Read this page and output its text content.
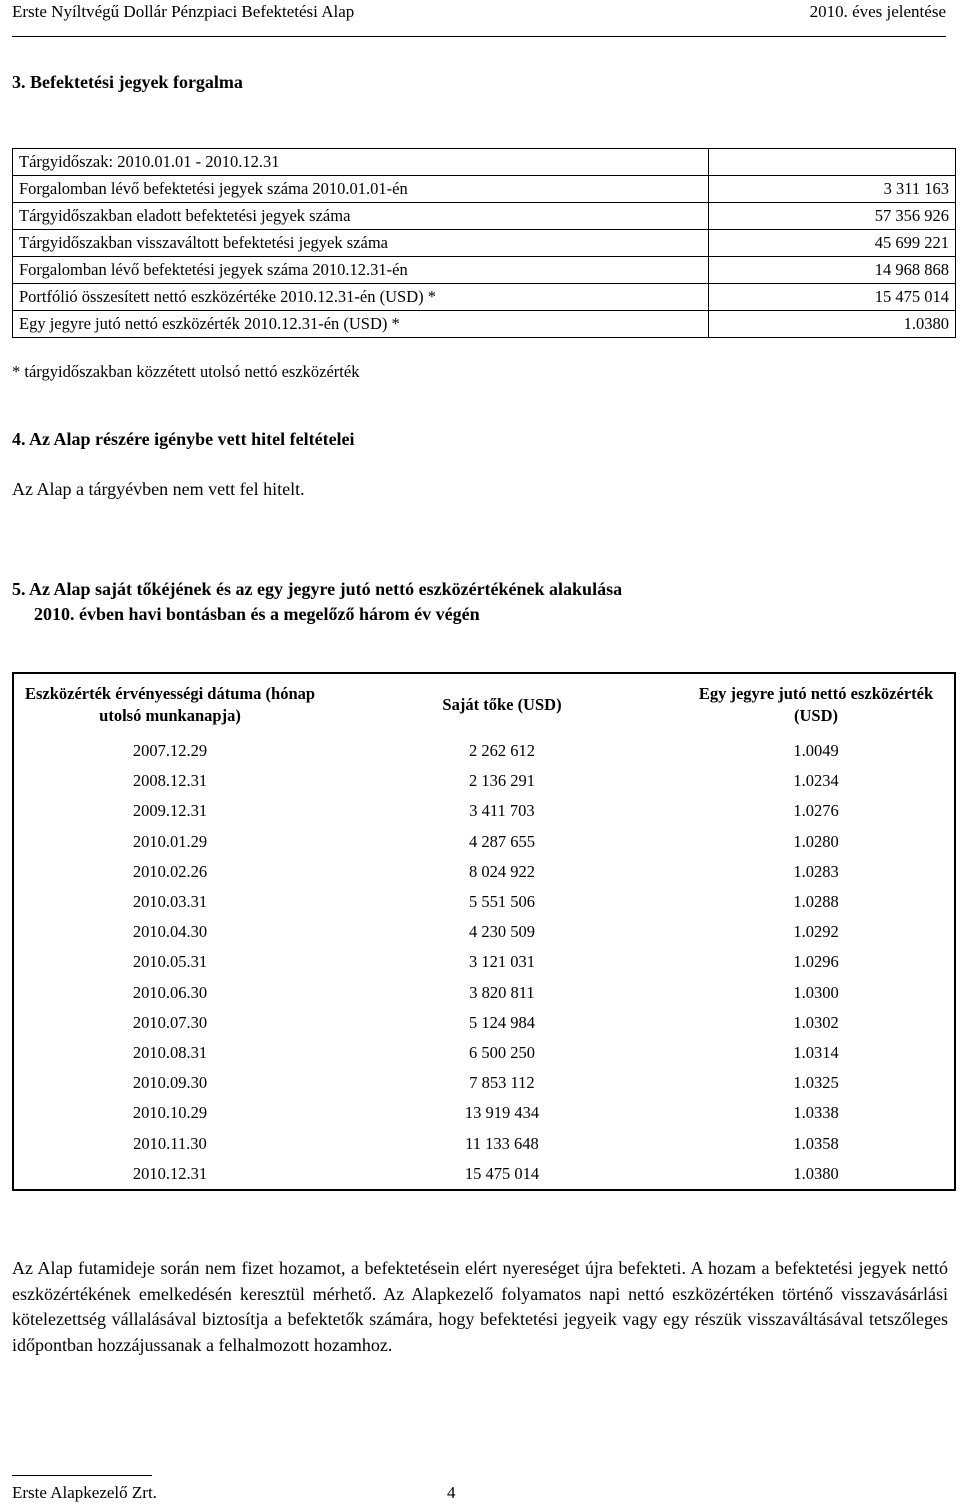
Erste Nyíltvégű Dollár Pénzpiaci Befektetési Alap	2010. éves jelentése
3. Befektetési jegyek forgalma
Tárgyidőszak: 2010.01.01 - 2010.12.31	
Forgalomban lévő befektetési jegyek száma 2010.01.01-én	3 311 163
Tárgyidőszakban eladott befektetési jegyek száma	57 356 926
Tárgyidőszakban visszaváltott befektetési jegyek száma	45 699 221
Forgalomban lévő befektetési jegyek száma 2010.12.31-én	14 968 868
Portfólió összesített nettó eszközértéke 2010.12.31-én (USD) *	15 475 014
Egy jegyre jutó nettó eszközérték 2010.12.31-én (USD) *	1.0380
* tárgyidőszakban közzétett utolsó nettó eszközérték
4. Az Alap részére igénybe vett hitel feltételei
Az Alap a tárgyévben nem vett fel hitelt.
5. Az Alap saját tőkéjének és az egy jegyre jutó nettó eszközértékének alakulása
2010. évben havi bontásban és a megelőző három év végén
Eszközérték érvényességi dátuma (hónap utolsó munkanapja)	Saját tőke (USD)	Egy jegyre jutó nettó eszközérték (USD)
2007.12.29	2 262 612	1.0049
2008.12.31	2 136 291	1.0234
2009.12.31	3 411 703	1.0276
2010.01.29	4 287 655	1.0280
2010.02.26	8 024 922	1.0283
2010.03.31	5 551 506	1.0288
2010.04.30	4 230 509	1.0292
2010.05.31	3 121 031	1.0296
2010.06.30	3 820 811	1.0300
2010.07.30	5 124 984	1.0302
2010.08.31	6 500 250	1.0314
2010.09.30	7 853 112	1.0325
2010.10.29	13 919 434	1.0338
2010.11.30	11 133 648	1.0358
2010.12.31	15 475 014	1.0380
Az Alap futamideje során nem fizet hozamot, a befektetésein elért nyereséget újra befekteti. A hozam a befektetési jegyek nettó eszközértékének emelkedésén keresztül mérhető. Az Alapkezelő folyamatos napi nettó eszközértéken történő visszavásárlási kötelezettség vállalásával biztosítja a befektetők számára, hogy befektetési jegyeik vagy egy részük visszaváltásával tetszőleges időpontban hozzájussanak a felhalmozott hozamhoz.
Erste Alapkezelő Zrt.	4
